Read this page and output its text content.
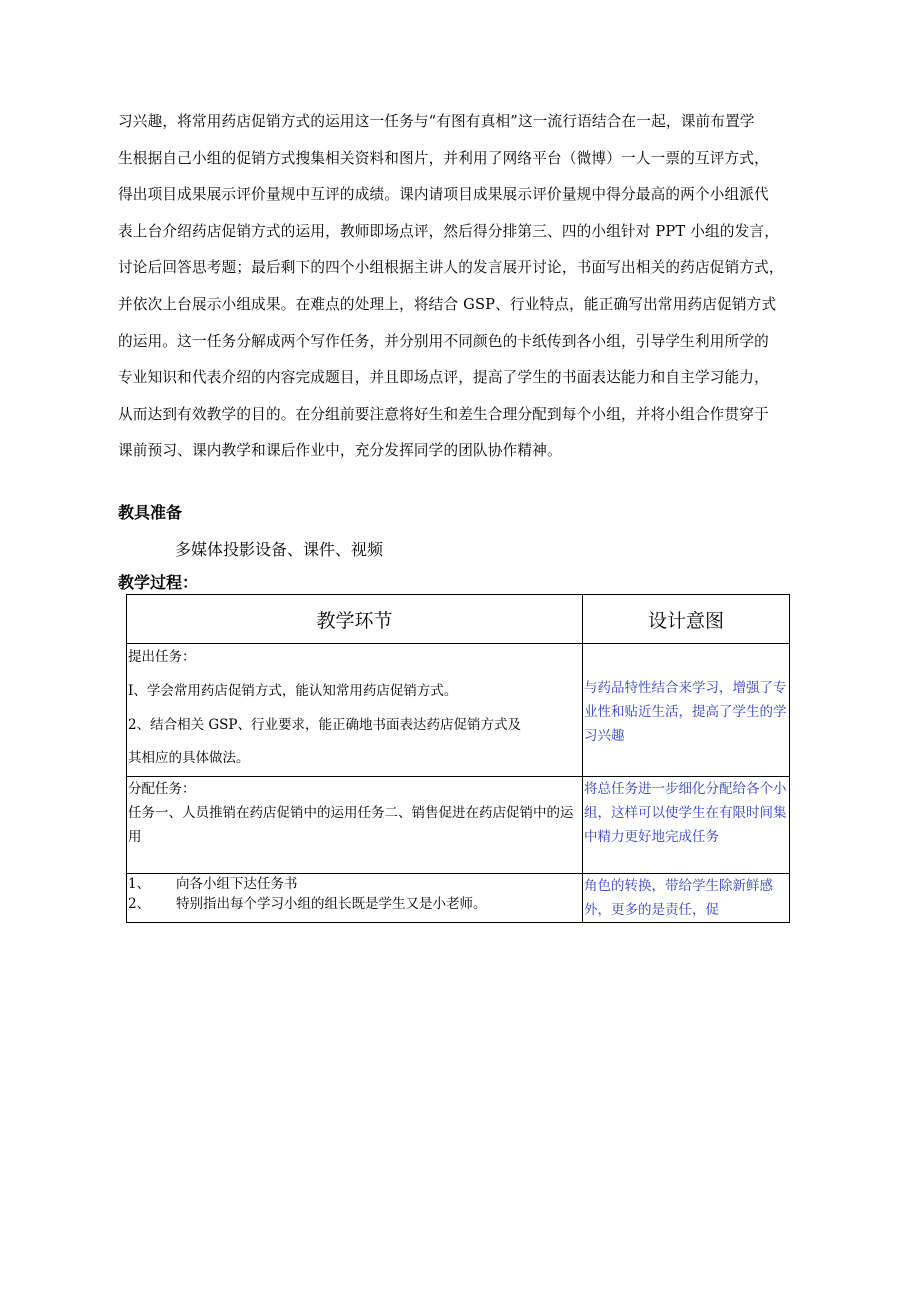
习兴趣，将常用药店促销方式的运用这一任务与“有图有真相”这一流行语结合在一起，课前布置学
生根据自己小组的促销方式搜集相关资料和图片，并利用了网络平台（微博）一人一票的互评方式，
得出项目成果展示评价量规中互评的成绩。课内请项目成果展示评价量规中得分最高的两个小组派代
表上台介绍药店促销方式的运用，教师即场点评，然后得分排第三、四的小组针对 PPT 小组的发言，
讨论后回答思考题；最后剩下的四个小组根据主讲人的发言展开讨论，书面写出相关的药店促销方式，
并依次上台展示小组成果。在难点的处理上，将结合 GSP、行业特点，能正确写出常用药店促销方式
的运用。这一任务分解成两个写作任务，并分别用不同颜色的卡纸传到各小组，引导学生利用所学的
专业知识和代表介绍的内容完成题目，并且即场点评，提高了学生的书面表达能力和自主学习能力，
从而达到有效教学的目的。在分组前要注意将好生和差生合理分配到每个小组，并将小组合作贯穿于
课前预习、课内教学和课后作业中，充分发挥同学的团队协作精神。
教具准备
多媒体投影设备、课件、视频
教学过程：
教学环节	设计意图

提出任务：

I、学会常用药店促销方式，能认知常用药店促销方式。

2、结合相关 GSP、行业要求，能正确地书面表达药店促销方式及

其相应的具体做法。	与药品特性结合来学习，增强了专业性和贴近生活，提高了学生的学习兴趣

分配任务：

任务一、人员推销在药店促销中的运用任务二、销售促进在药店促销中的运用	将总任务进一步细化分配给各个小组，这样可以使学生在有限时间集中精力更好地完成任务

1、 向各小组下达任务书

2、 特别指出每个学习小组的组长既是学生又是小老师。	角色的转换，带给学生除新鲜感外，更多的是责任，促
